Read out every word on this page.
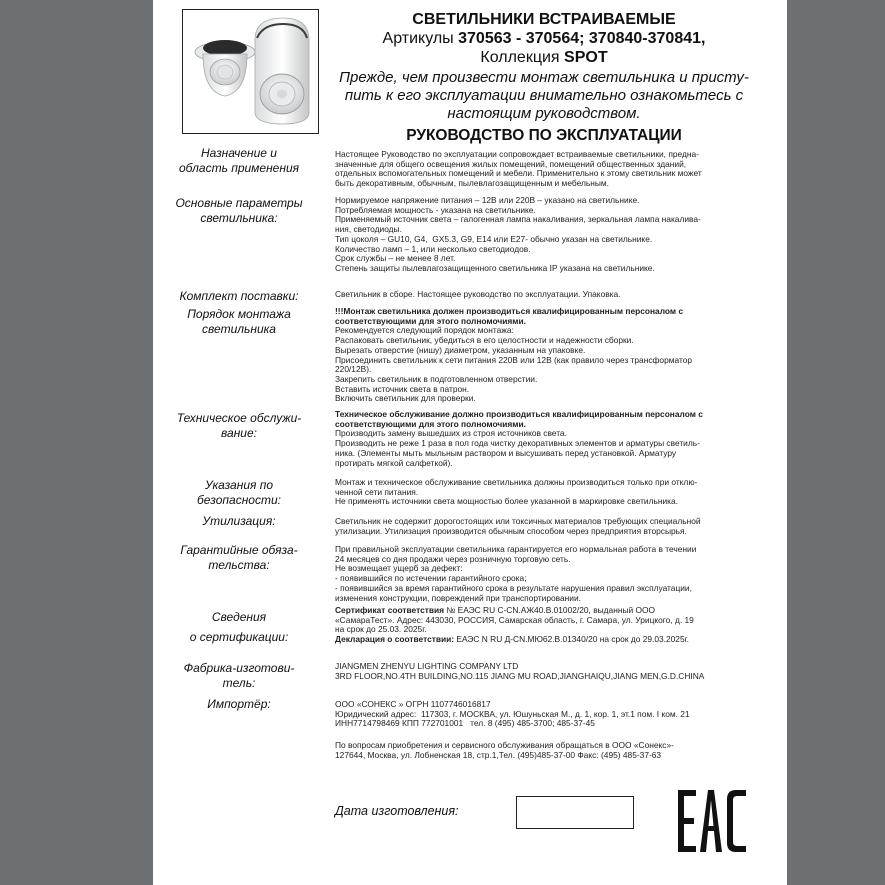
СВЕТИЛЬНИКИ ВСТРАИВАЕМЫЕ
Артикулы 370563 - 370564; 370840-370841,
Коллекция SPOT
Прежде, чем произвести монтаж светильника и присту-пить к его эксплуатации внимательно ознакомьтесь с настоящим руководством.
РУКОВОДСТВО ПО ЭКСПЛУАТАЦИИ
Назначение и
область применения
Настоящее Руководство по эксплуатации сопровождает встраиваемые светильники, предна-
значенные для общего освещения жилых помещений, помещений общественных зданий,
отдельных вспомогательных помещений и мебели. Применительно к этому светильник может
быть декоративным, обычным, пылевлагозащищенным и мебельным.
Основные параметры
светильника:
Нормируемое напряжение питания – 12В или 220В – указано на светильнике.
Потребляемая мощность - указана на светильнике.
Применяемый источник света – галогенная лампа накаливания, зеркальная лампа накалива-
ния, светодиоды.
Тип цоколя – GU10, G4,  GX5.3, G9, E14 или E27- обычно указан на светильнике.
Количество ламп – 1, или несколько светодиодов.
Срок службы – не менее 8 лет.
Степень защиты пылевлагозащищенного светильника IP указана на светильнике.
Комплект поставки:	Светильник в сборе. Настоящее руководство по эксплуатации. Упаковка.
Порядок монтажа
светильника
!!!Монтаж светильника должен производиться квалифицированным персоналом с
соответствующими для этого полномочиями.
Рекомендуется следующий порядок монтажа:
Распаковать светильник, убедиться в его целостности и надежности сборки.
Вырезать отверстие (нишу) диаметром, указанным на упаковке.
Присоединить светильник к сети питания 220В или 12В (как правило через трансформатор
220/12В).
Закрепить светильник в подготовленном отверстии.
Вставить источник света в патрон.
Включить светильник для проверки.
Техническое обслужи-
вание:
Техническое обслуживание должно производиться квалифицированным персоналом с
соответствующими для этого полномочиями.
Производить замену вышедших из строя источников света.
Производить не реже 1 раза в пол года чистку декоративных элементов и арматуры светиль-
ника. (Элементы мыть мыльным раствором и высушивать перед установкой. Арматуру
протирать мягкой салфеткой).
Указания по
безопасности:
Монтаж и техническое обслуживание светильника должны производиться только при отклю-
ченной сети питания.
Не применять источники света мощностью более указанной в маркировке светильника.
Утилизация:	Светильник не содержит дорогостоящих или токсичных материалов требующих специальной
утилизации. Утилизация производится обычным способом через предприятия вторсырья.
Гарантийные обяза-
тельства:
При правильной эксплуатации светильника гарантируется его нормальная работа в течении
24 месяцев со дня продажи через розничную торговую сеть.
Не возмещает ущерб за дефект:
- появившийся по истечении гарантийного срока;
- появившийся за время гарантийного срока в результате нарушения правил эксплуатации,
изменения конструкции, повреждений при транспортировании.
Сведения
о сертификации:
Сертификат соответствия № ЕАЭС RU С-CN.АЖ40.В.01002/20, выданный ООО
«СамараТест». Адрес: 443030, РОССИЯ, Самарская область, г. Самара, ул. Урицкого, д. 19
на срок до 25.03. 2025г.
Декларация о соответствии: ЕАЭС N RU Д-CN.МЮ62.В.01340/20 на срок до 29.03.2025г.
Фабрика-изготови-
тель:
JIANGMEN ZHENYU LIGHTING COMPANY LTD
3RD FLOOR,NO.4TH BUILDING,NO.115 JIANG MU ROAD,JIANGHAIQU,JIANG MEN,G.D.CHINA
Импортёр:	ООО «СОНЕКС » ОГРН 1107746016817
Юридический адрес:  117303, г. МОСКВА, ул. Юшуньская М., д. 1, кор. 1, эт.1 пом. I ком. 21
ИНН7714798469 КПП 772701001   тел. 8 (495) 485-3700; 485-37-45
По вопросам приобретения и сервисного обслуживания обращаться в ООО «Сонекс»-
127644, Москва, ул. Лобненская 18, стр.1,Тел. (495)485-37-00 Факс: (495) 485-37-63
Дата изготовления:
